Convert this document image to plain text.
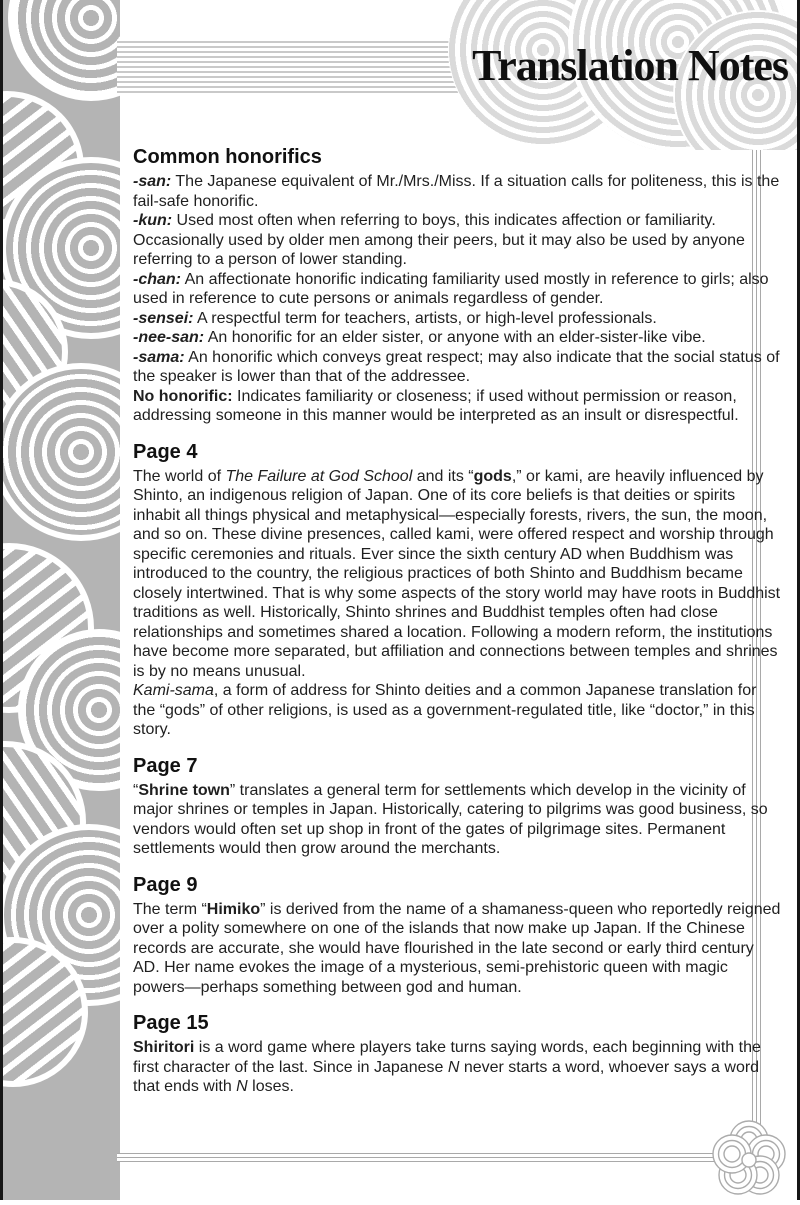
Translation Notes
Common honorifics

-san: The Japanese equivalent of Mr./Mrs./Miss. If a situation calls for politeness, this is the fail-safe honorific.

-kun: Used most often when referring to boys, this indicates affection or familiarity. Occasionally used by older men among their peers, but it may also be used by anyone referring to a person of lower standing.

-chan: An affectionate honorific indicating familiarity used mostly in reference to girls; also used in reference to cute persons or animals regardless of gender.

-sensei: A respectful term for teachers, artists, or high-level professionals.

-nee-san: An honorific for an elder sister, or anyone with an elder-sister-like vibe.

-sama: An honorific which conveys great respect; may also indicate that the social status of the speaker is lower than that of the addressee.

No honorific: Indicates familiarity or closeness; if used without permission or reason, addressing someone in this manner would be interpreted as an insult or disrespectful.

Page 4

The world of The Failure at God School and its “gods,” or kami, are heavily influenced by Shinto, an indigenous religion of Japan. One of its core beliefs is that deities or spirits inhabit all things physical and metaphysical—especially forests, rivers, the sun, the moon, and so on. These divine presences, called kami, were offered respect and worship through specific ceremonies and rituals. Ever since the sixth century AD when Buddhism was introduced to the country, the religious practices of both Shinto and Buddhism became closely intertwined. That is why some aspects of the story world may have roots in Buddhist traditions as well. Historically, Shinto shrines and Buddhist temples often had close relationships and sometimes shared a location. Following a modern reform, the institutions have become more separated, but affiliation and connections between temples and shrines is by no means unusual.

Kami-sama, a form of address for Shinto deities and a common Japanese translation for the “gods” of other religions, is used as a government-regulated title, like “doctor,” in this story.

Page 7

“Shrine town” translates a general term for settlements which develop in the vicinity of major shrines or temples in Japan. Historically, catering to pilgrims was good business, so vendors would often set up shop in front of the gates of pilgrimage sites. Permanent settlements would then grow around the merchants.

Page 9

The term “Himiko” is derived from the name of a shamaness-queen who reportedly reigned over a polity somewhere on one of the islands that now make up Japan. If the Chinese records are accurate, she would have flourished in the late second or early third century AD. Her name evokes the image of a mysterious, semi-prehistoric queen with magic powers—perhaps something between god and human.

Page 15

Shiritori is a word game where players take turns saying words, each beginning with the first character of the last. Since in Japanese N never starts a word, whoever says a word that ends with N loses.
